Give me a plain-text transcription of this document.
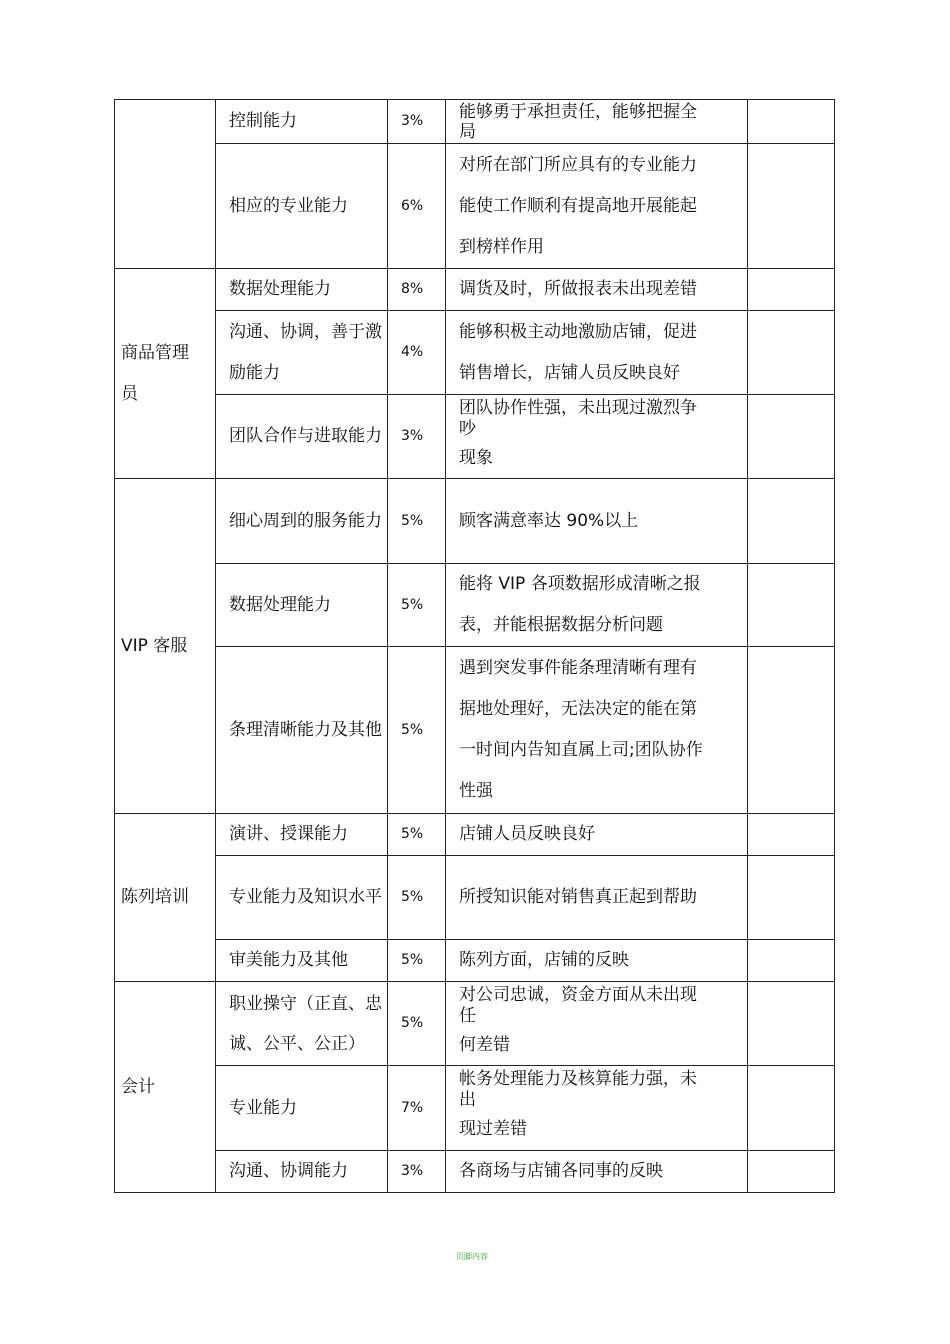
	控制能力	3%	能够勇于承担责任，能够把握全
局	

	相应的专业能力	6%	对所在部门所应具有的专业能力
能使工作顺利有提高地开展能起
到榜样作用	

商品管理
员	数据处理能力	8%	调货及时，所做报表未出现差错	
	沟通、协调，善于激励能力	4%	能够积极主动地激励店铺，促进
销售增长，店铺人员反映良好	

	团队合作与进取能力	3%	团队协作性强，未出现过激烈争
吵
现象	

VIP 客服	细心周到的服务能力	5%	顾客满意率达 90%以上	
	数据处理能力	5%	能将 VIP 各项数据形成清晰之报
表，并能根据数据分析问题	

	条理清晰能力及其他	5%	遇到突发事件能条理清晰有理有
据地处理好，无法决定的能在第
一时间内告知直属上司;团队协作
性强	

陈列培训	演讲、授课能力	5%	店铺人员反映良好	
	专业能力及知识水平	5%	所授知识能对销售真正起到帮助	
	审美能力及其他	5%	陈列方面，店铺的反映	
会计	职业操守（正直、忠诚、公平、公正）	5%	对公司忠诚，资金方面从未出现
任
何差错	

	专业能力	7%	帐务处理能力及核算能力强，未
出
现过差错	

	沟通、协调能力	3%	各商场与店铺各同事的反映	
页脚内容
